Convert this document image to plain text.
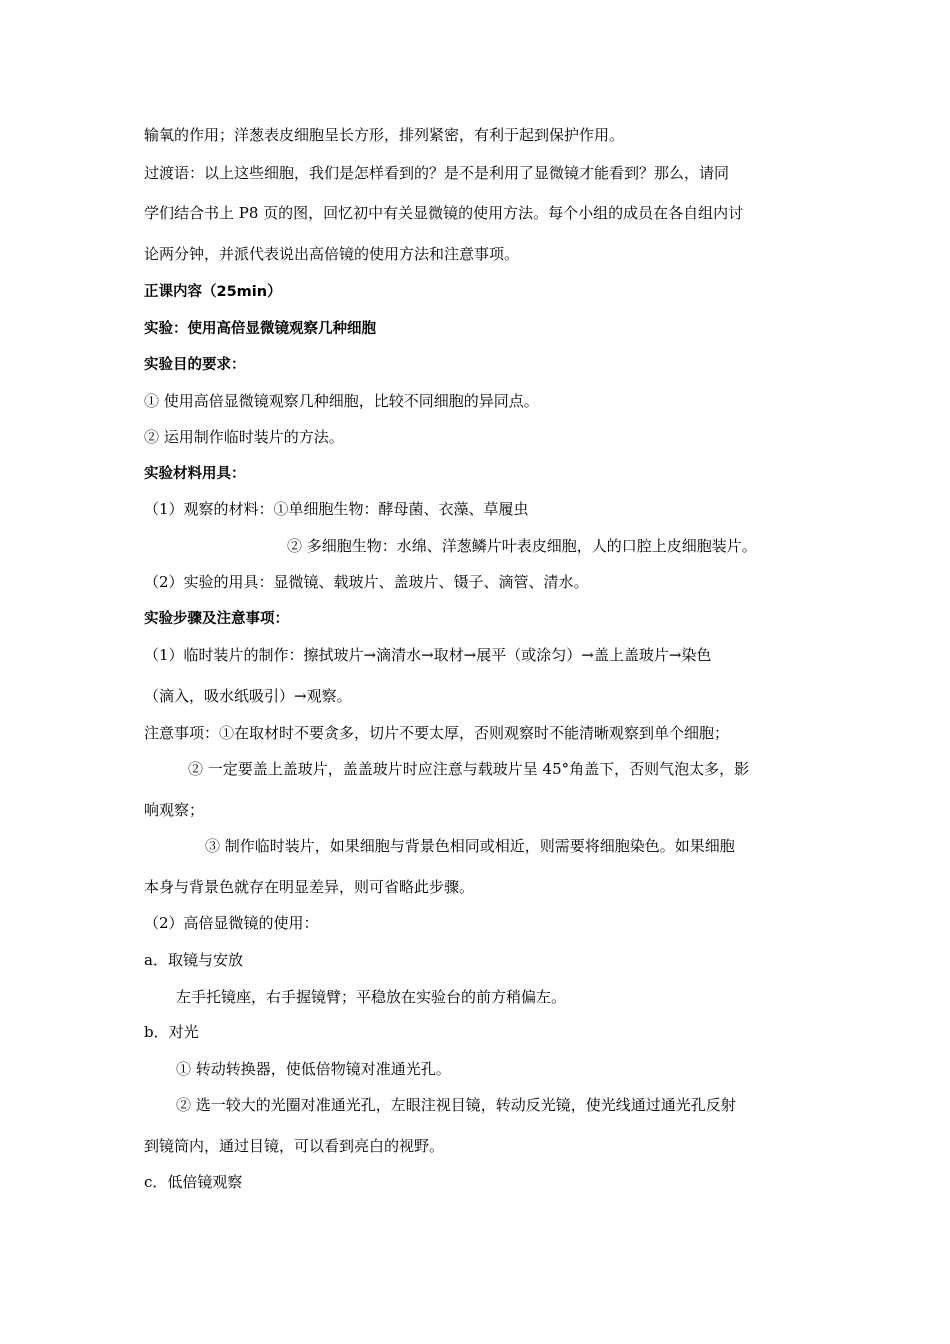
输氧的作用；洋葱表皮细胞呈长方形，排列紧密，有利于起到保护作用。
过渡语：以上这些细胞，我们是怎样看到的？是不是利用了显微镜才能看到？那么，请同
学们结合书上 P8 页的图，回忆初中有关显微镜的使用方法。每个小组的成员在各自组内讨
论两分钟，并派代表说出高倍镜的使用方法和注意事项。
正课内容（25min）
实验：使用高倍显微镜观察几种细胞
实验目的要求：
① 使用高倍显微镜观察几种细胞，比较不同细胞的异同点。
② 运用制作临时装片的方法。
实验材料用具：
（1）观察的材料：①单细胞生物：酵母菌、衣藻、草履虫
② 多细胞生物：水绵、洋葱鳞片叶表皮细胞，人的口腔上皮细胞装片。
（2）实验的用具：显微镜、载玻片、盖玻片、镊子、滴管、清水。
实验步骤及注意事项：
（1）临时装片的制作：擦拭玻片→滴清水→取材→展平（或涂匀）→盖上盖玻片→染色
（滴入，吸水纸吸引）→观察。
注意事项：①在取材时不要贪多，切片不要太厚，否则观察时不能清晰观察到单个细胞；
② 一定要盖上盖玻片，盖盖玻片时应注意与载玻片呈 45°角盖下，否则气泡太多，影
响观察；
③ 制作临时装片，如果细胞与背景色相同或相近，则需要将细胞染色。如果细胞
本身与背景色就存在明显差异，则可省略此步骤。
（2）高倍显微镜的使用：
a．取镜与安放
左手托镜座，右手握镜臂；平稳放在实验台的前方稍偏左。
b．对光
① 转动转换器，使低倍物镜对准通光孔。
② 选一较大的光圈对准通光孔，左眼注视目镜，转动反光镜，使光线通过通光孔反射
到镜筒内，通过目镜，可以看到亮白的视野。
c．低倍镜观察
